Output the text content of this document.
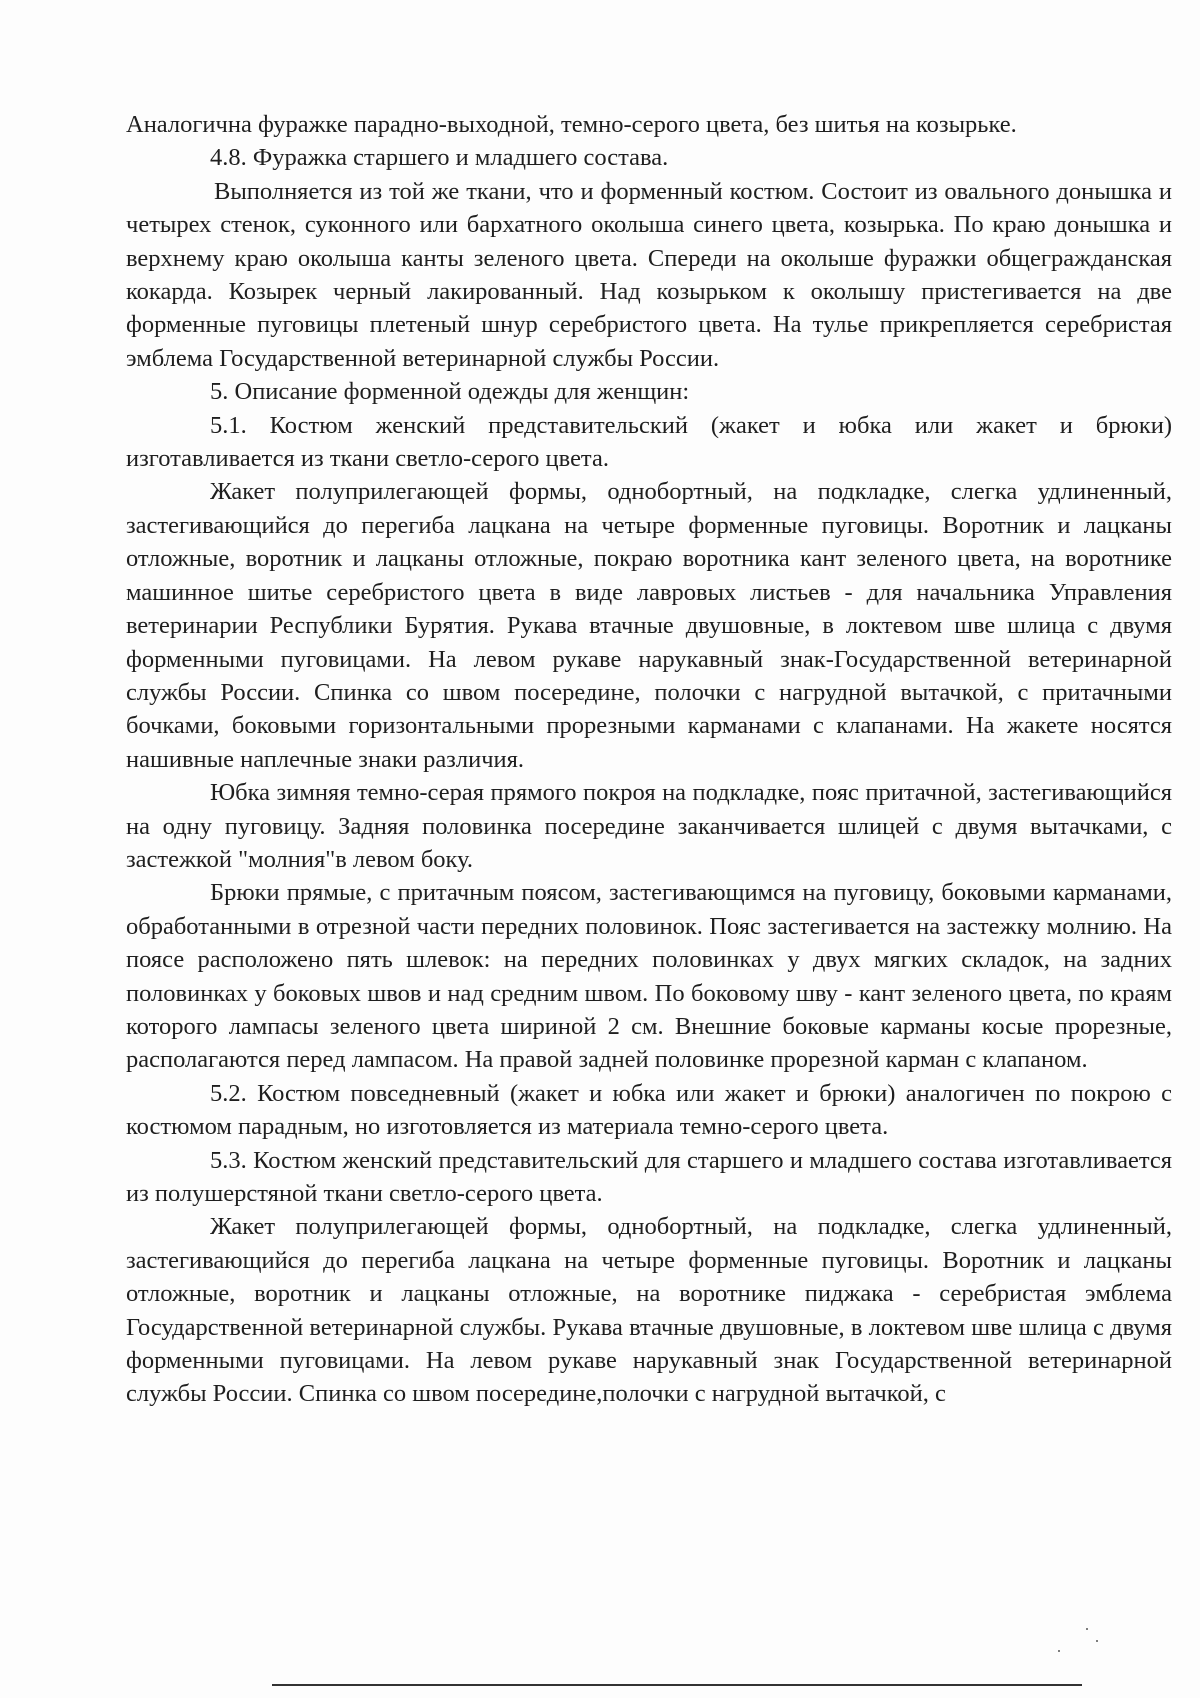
Аналогична фуражке парадно-выходной, темно-серого цвета, без шитья на козырьке.

4.8. Фуражка старшего и младшего состава.

Выполняется из той же ткани, что и форменный костюм. Состоит из овального донышка и четырех стенок, суконного или бархатного околыша синего цвета, козырька. По краю донышка и верхнему краю околыша канты зеленого цвета. Спереди на околыше фуражки общегражданская кокарда. Козырек черный лакированный. Над козырьком к околышу пристегивается на две форменные пуговицы плетеный шнур серебристого цвета. На тулье прикрепляется серебристая эмблема Государственной ветеринарной службы России.

5. Описание форменной одежды для женщин:

5.1. Костюм женский представительский (жакет и юбка или жакет и брюки) изготавливается из ткани светло-серого цвета.

Жакет полуприлегающей формы, однобортный, на подкладке, слегка удлиненный, застегивающийся до перегиба лацкана на четыре форменные пуговицы. Воротник и лацканы отложные, воротник и лацканы отложные, покраю воротника кант зеленого цвета, на воротнике машинное шитье серебристого цвета в виде лавровых листьев - для начальника Управления ветеринарии Республики Бурятия. Рукава втачные двушовные, в локтевом шве шлица с двумя форменными пуговицами. На левом рукаве нарукавный знак-Государственной ветеринарной службы России. Спинка со швом посередине, полочки с нагрудной вытачкой, с притачными бочками, боковыми горизонтальными прорезными карманами с клапанами. На жакете носятся нашивные наплечные знаки различия.

Юбка зимняя темно-серая прямого покроя на подкладке, пояс притачной, застегивающийся на одну пуговицу. Задняя половинка посередине заканчивается шлицей с двумя вытачками, с застежкой "молния"в левом боку.

Брюки прямые, с притачным поясом, застегивающимся на пуговицу, боковыми карманами, обработанными в отрезной части передних половинок. Пояс застегивается на застежку молнию. На поясе расположено пять шлевок: на передних половинках у двух мягких складок, на задних половинках у боковых швов и над средним швом. По боковому шву - кант зеленого цвета, по краям которого лампасы зеленого цвета шириной 2 см. Внешние боковые карманы косые прорезные, располагаются перед лампасом. На правой задней половинке прорезной карман с клапаном.

5.2. Костюм повседневный (жакет и юбка или жакет и брюки) аналогичен по покрою с костюмом парадным, но изготовляется из материала темно-серого цвета.

5.3. Костюм женский представительский для старшего и младшего состава изготавливается из полушерстяной ткани светло-серого цвета.

Жакет полуприлегающей формы, однобортный, на подкладке, слегка удлиненный, застегивающийся до перегиба лацкана на четыре форменные пуговицы. Воротник и лацканы отложные, воротник и лацканы отложные, на воротнике пиджака - серебристая эмблема Государственной ветеринарной службы. Рукава втачные двушовные, в локтевом шве шлица с двумя форменными пуговицами. На левом рукаве нарукавный знак Государственной ветеринарной службы России. Спинка со швом посередине,полочки с нагрудной вытачкой, с
